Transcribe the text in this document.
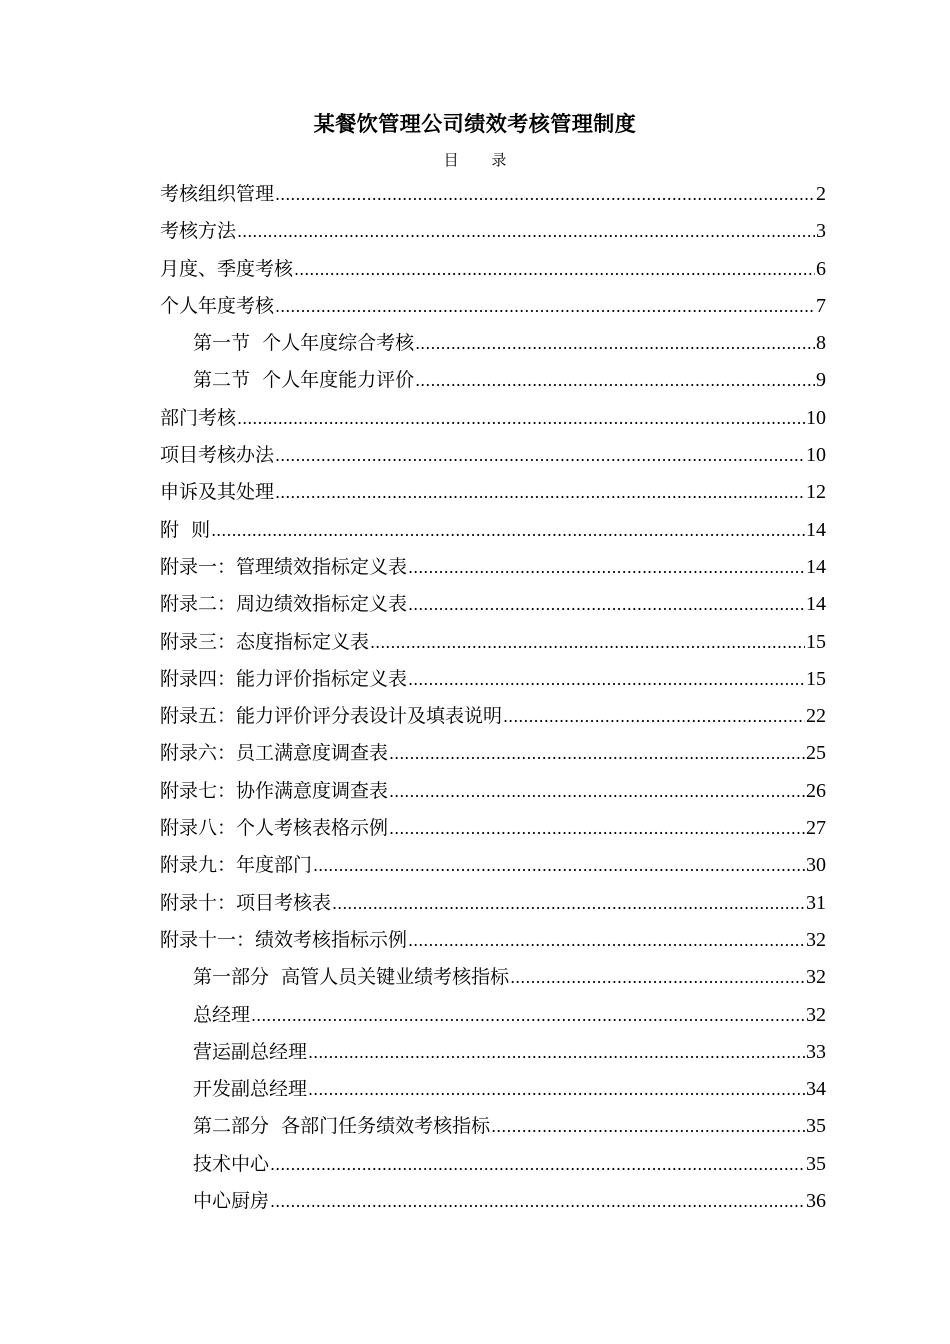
某餐饮管理公司绩效考核管理制度
目 录
考核组织管理 .....	2
考核方法 .....	3
月度、季度考核 .....	6
个人年度考核 .....	7
第一节  个人年度综合考核 .....	8
第二节  个人年度能力评价 .....	9
部门考核 .....	10
项目考核办法 .....	10
申诉及其处理 .....	12
附  则 .....	14
附录一：管理绩效指标定义表 .....	14
附录二：周边绩效指标定义表 .....	14
附录三：态度指标定义表 .....	15
附录四：能力评价指标定义表 .....	15
附录五：能力评价评分表设计及填表说明 .....	22
附录六：员工满意度调查表 .....	25
附录七：协作满意度调查表 .....	26
附录八：个人考核表格示例 .....	27
附录九：年度部门 .....	30
附录十：项目考核表 .....	31
附录十一：绩效考核指标示例 .....	32
第一部分  高管人员关键业绩考核指标 .....	32
总经理 .....	32
营运副总经理 .....	33
开发副总经理 .....	34
第二部分  各部门任务绩效考核指标 .....	35
技术中心 .....	35
中心厨房 .....	36
